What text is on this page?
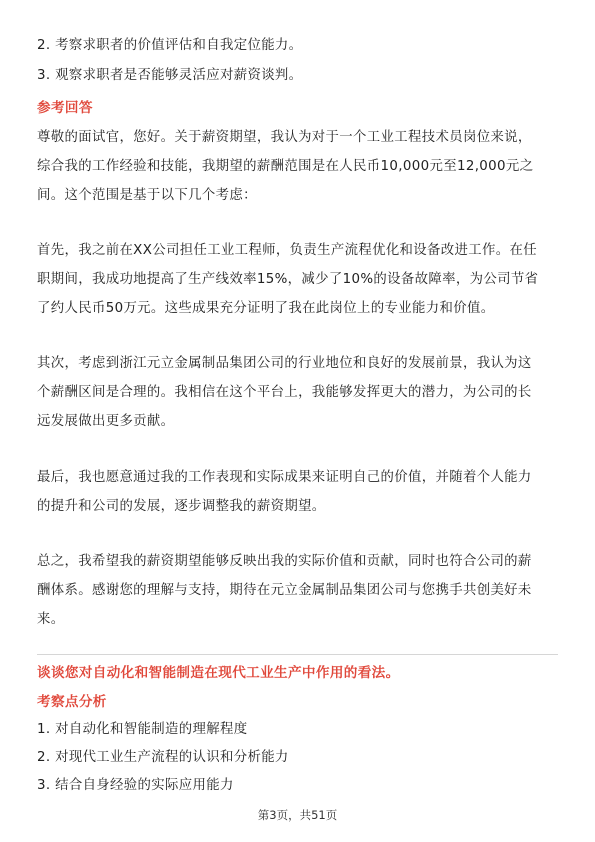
2. 考察求职者的价值评估和自我定位能力。
3. 观察求职者是否能够灵活应对薪资谈判。
参考回答
尊敬的面试官，您好。关于薪资期望，我认为对于一个工业工程技术员岗位来说，
综合我的工作经验和技能，我期望的薪酬范围是在人民币10,000元至12,000元之
间。这个范围是基于以下几个考虑：
首先，我之前在XX公司担任工业工程师，负责生产流程优化和设备改进工作。在任
职期间，我成功地提高了生产线效率15%，减少了10%的设备故障率，为公司节省
了约人民币50万元。这些成果充分证明了我在此岗位上的专业能力和价值。
其次，考虑到浙江元立金属制品集团公司的行业地位和良好的发展前景，我认为这
个薪酬区间是合理的。我相信在这个平台上，我能够发挥更大的潜力，为公司的长
远发展做出更多贡献。
最后，我也愿意通过我的工作表现和实际成果来证明自己的价值，并随着个人能力
的提升和公司的发展，逐步调整我的薪资期望。
总之，我希望我的薪资期望能够反映出我的实际价值和贡献，同时也符合公司的薪
酬体系。感谢您的理解与支持，期待在元立金属制品集团公司与您携手共创美好未
来。
谈谈您对自动化和智能制造在现代工业生产中作用的看法。
考察点分析
1. 对自动化和智能制造的理解程度
2. 对现代工业生产流程的认识和分析能力
3. 结合自身经验的实际应用能力
第3页，共51页
